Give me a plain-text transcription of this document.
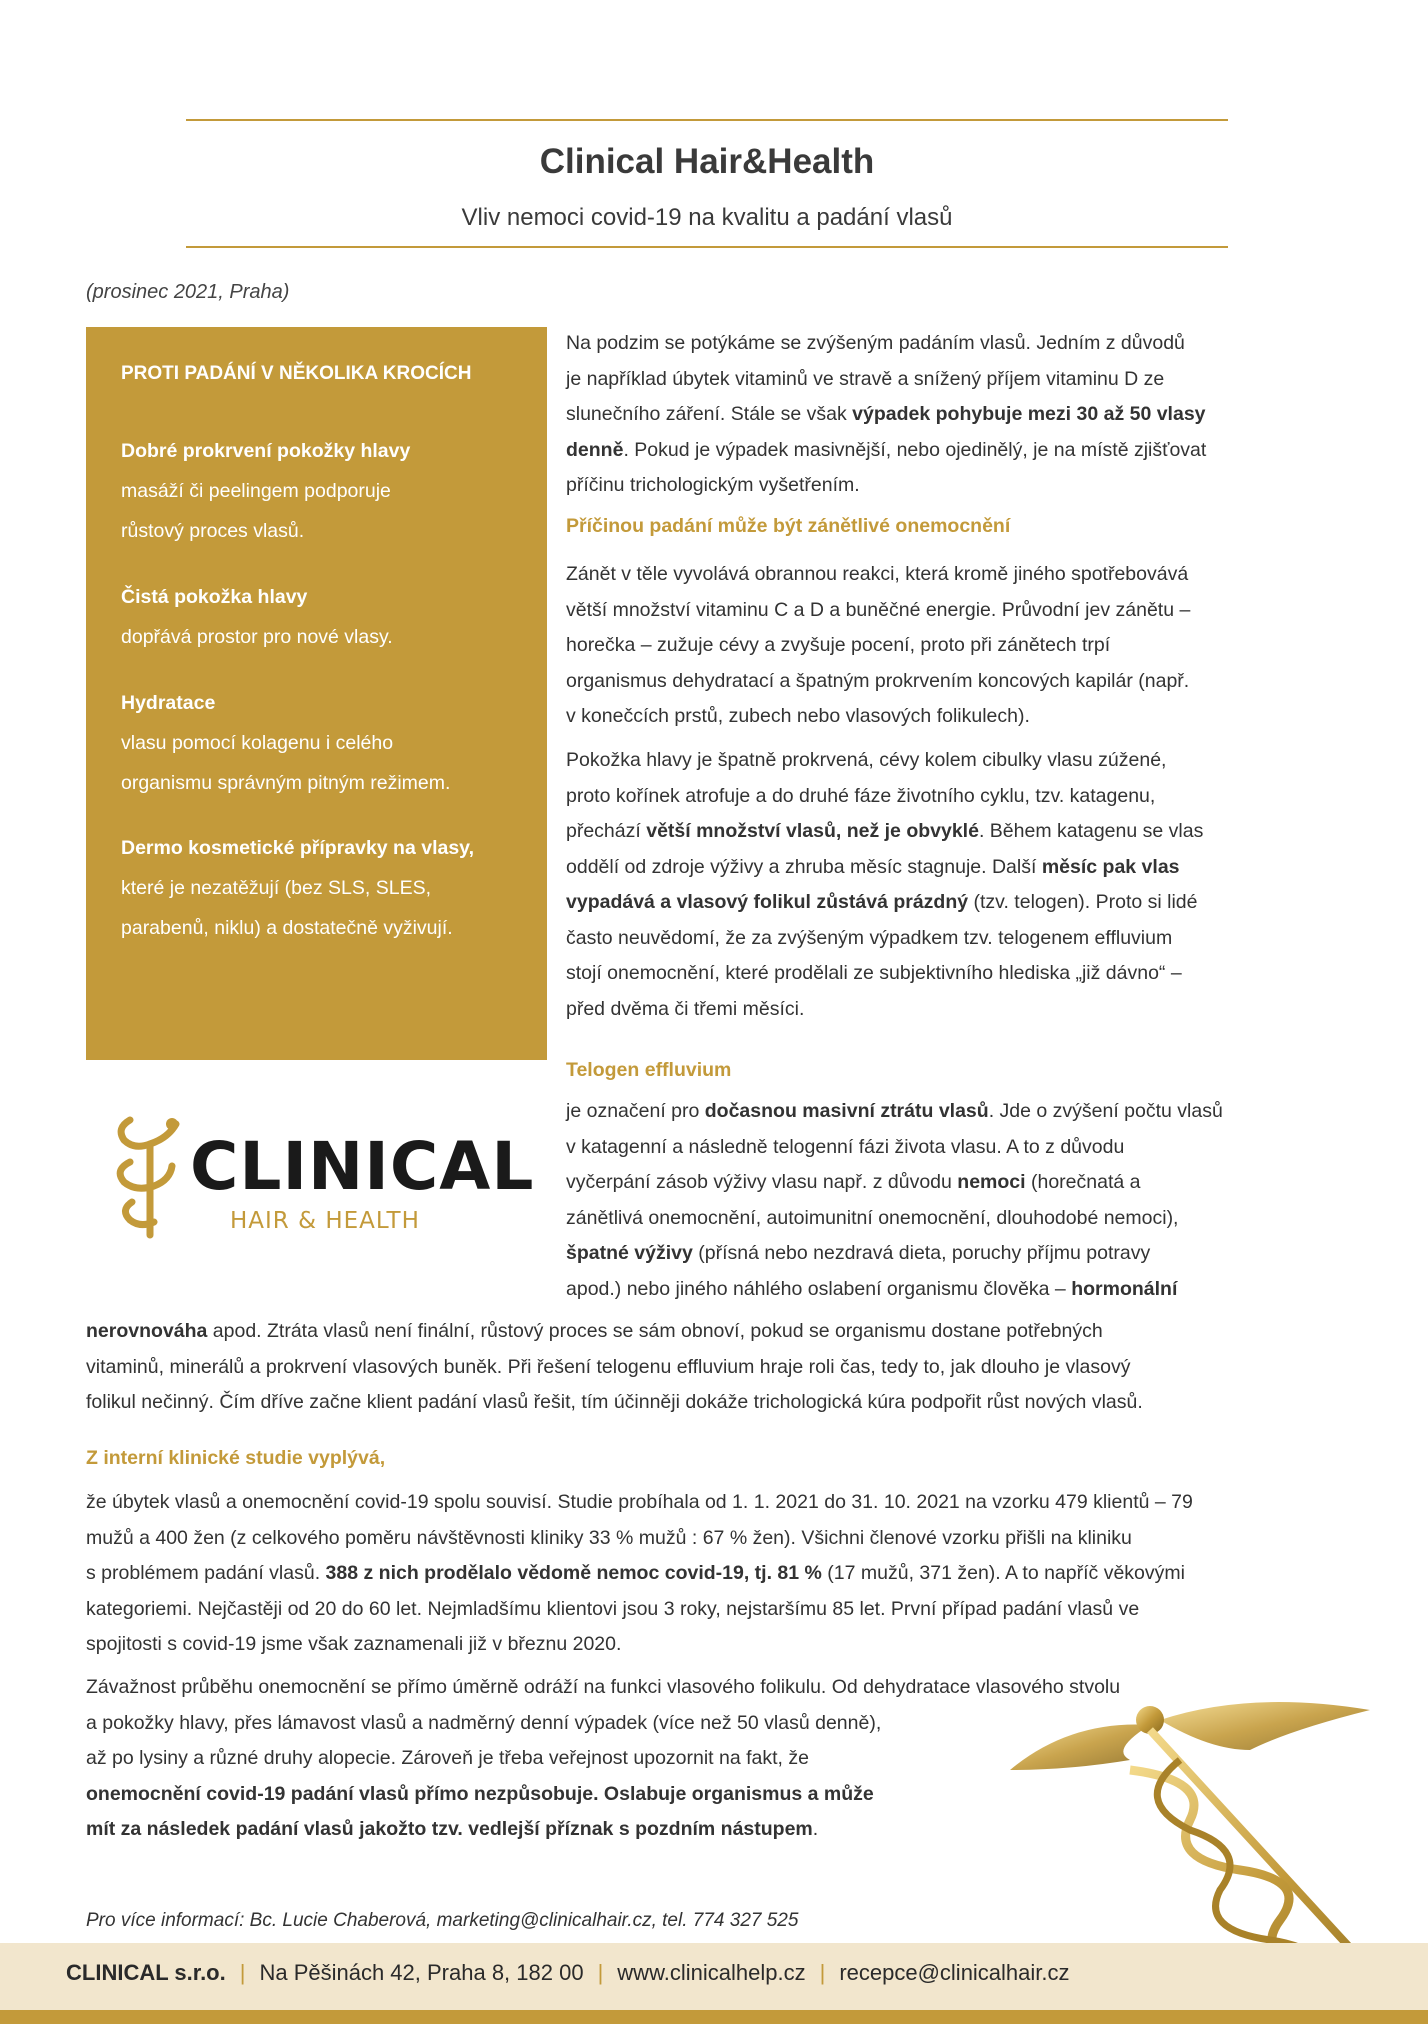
Clinical Hair&Health
Vliv nemoci covid-19 na kvalitu a padání vlasů
(prosinec 2021, Praha)
PROTI PADÁNÍ V NĚKOLIKA KROCÍCH
Dobré prokrvení pokožky hlavy
masáží či peelingem podporuje
růstový proces vlasů.
Čistá pokožka hlavy
dopřává prostor pro nové vlasy.
Hydratace
vlasu pomocí kolagenu i celého
organismu správným pitným režimem.
Dermo kosmetické přípravky na vlasy,
které je nezatěžují (bez SLS, SLES,
parabenů, niklu) a dostatečně vyživují.

Na podzim se potýkáme se zvýšeným padáním vlasů. Jedním z důvodů

je například úbytek vitaminů ve stravě a snížený příjem vitaminu D ze

slunečního záření. Stále se však výpadek pohybuje mezi 30 až 50 vlasy

denně. Pokud je výpadek masivnější, nebo ojedinělý, je na místě zjišťovat

příčinu trichologickým vyšetřením.

Příčinou padání může být zánětlivé onemocnění

Zánět v těle vyvolává obrannou reakci, která kromě jiného spotřebovává

větší množství vitaminu C a D a buněčné energie. Průvodní jev zánětu –

horečka – zužuje cévy a zvyšuje pocení, proto při zánětech trpí

organismus dehydratací a špatným prokrvením koncových kapilár (např.

v konečcích prstů, zubech nebo vlasových folikulech).

Pokožka hlavy je špatně prokrvená, cévy kolem cibulky vlasu zúžené,

proto kořínek atrofuje a do druhé fáze životního cyklu, tzv. katagenu,

přechází větší množství vlasů, než je obvyklé. Během katagenu se vlas

oddělí od zdroje výživy a zhruba měsíc stagnuje. Další měsíc pak vlas

vypadává a vlasový folikul zůstává prázdný (tzv. telogen). Proto si lidé

často neuvědomí, že za zvýšeným výpadkem tzv. telogenem effluvium

stojí onemocnění, které prodělali ze subjektivního hlediska „již dávno“ –

před dvěma či třemi měsíci.

Telogen effluvium

je označení pro dočasnou masivní ztrátu vlasů. Jde o zvýšení počtu vlasů

v katagenní a následně telogenní fázi života vlasu. A to z důvodu

vyčerpání zásob výživy vlasu např. z důvodu nemoci (horečnatá a

zánětlivá onemocnění, autoimunitní onemocnění, dlouhodobé nemoci),

špatné výživy (přísná nebo nezdravá dieta, poruchy příjmu potravy

apod.) nebo jiného náhlého oslabení organismu člověka – hormonální

nerovnováha apod. Ztráta vlasů není finální, růstový proces se sám obnoví, pokud se organismu dostane potřebných

vitaminů, minerálů a prokrvení vlasových buněk. Při řešení telogenu effluvium hraje roli čas, tedy to, jak dlouho je vlasový

folikul nečinný. Čím dříve začne klient padání vlasů řešit, tím účinněji dokáže trichologická kúra podpořit růst nových vlasů.

CLINICAL
HAIR & HEALTH
Z interní klinické studie vyplývá,

že úbytek vlasů a onemocnění covid-19 spolu souvisí. Studie probíhala od 1. 1. 2021 do 31. 10. 2021 na vzorku 479 klientů – 79

mužů a 400 žen (z celkového poměru návštěvnosti kliniky 33 % mužů : 67 % žen). Všichni členové vzorku přišli na kliniku

s problémem padání vlasů. 388 z nich prodělalo vědomě nemoc covid-19, tj. 81 % (17 mužů, 371 žen). A to napříč věkovými

kategoriemi. Nejčastěji od 20 do 60 let. Nejmladšímu klientovi jsou 3 roky, nejstaršímu 85 let. První případ padání vlasů ve

spojitosti s covid-19 jsme však zaznamenali již v březnu 2020.

Závažnost průběhu onemocnění se přímo úměrně odráží na funkci vlasového folikulu. Od dehydratace vlasového stvolu

a pokožky hlavy, přes lámavost vlasů a nadměrný denní výpadek (více než 50 vlasů denně),

až po lysiny a různé druhy alopecie. Zároveň je třeba veřejnost upozornit na fakt, že

onemocnění covid-19 padání vlasů přímo nezpůsobuje. Oslabuje organismus a může

mít za následek padání vlasů jakožto tzv. vedlejší příznak s pozdním nástupem.

Pro více informací: Bc. Lucie Chaberová, marketing@clinicalhair.cz, tel. 774 327 525
CLINICAL s.r.o. | Na Pěšinách 42, Praha 8, 182 00 | www.clinicalhelp.cz | recepce@clinicalhair.cz
